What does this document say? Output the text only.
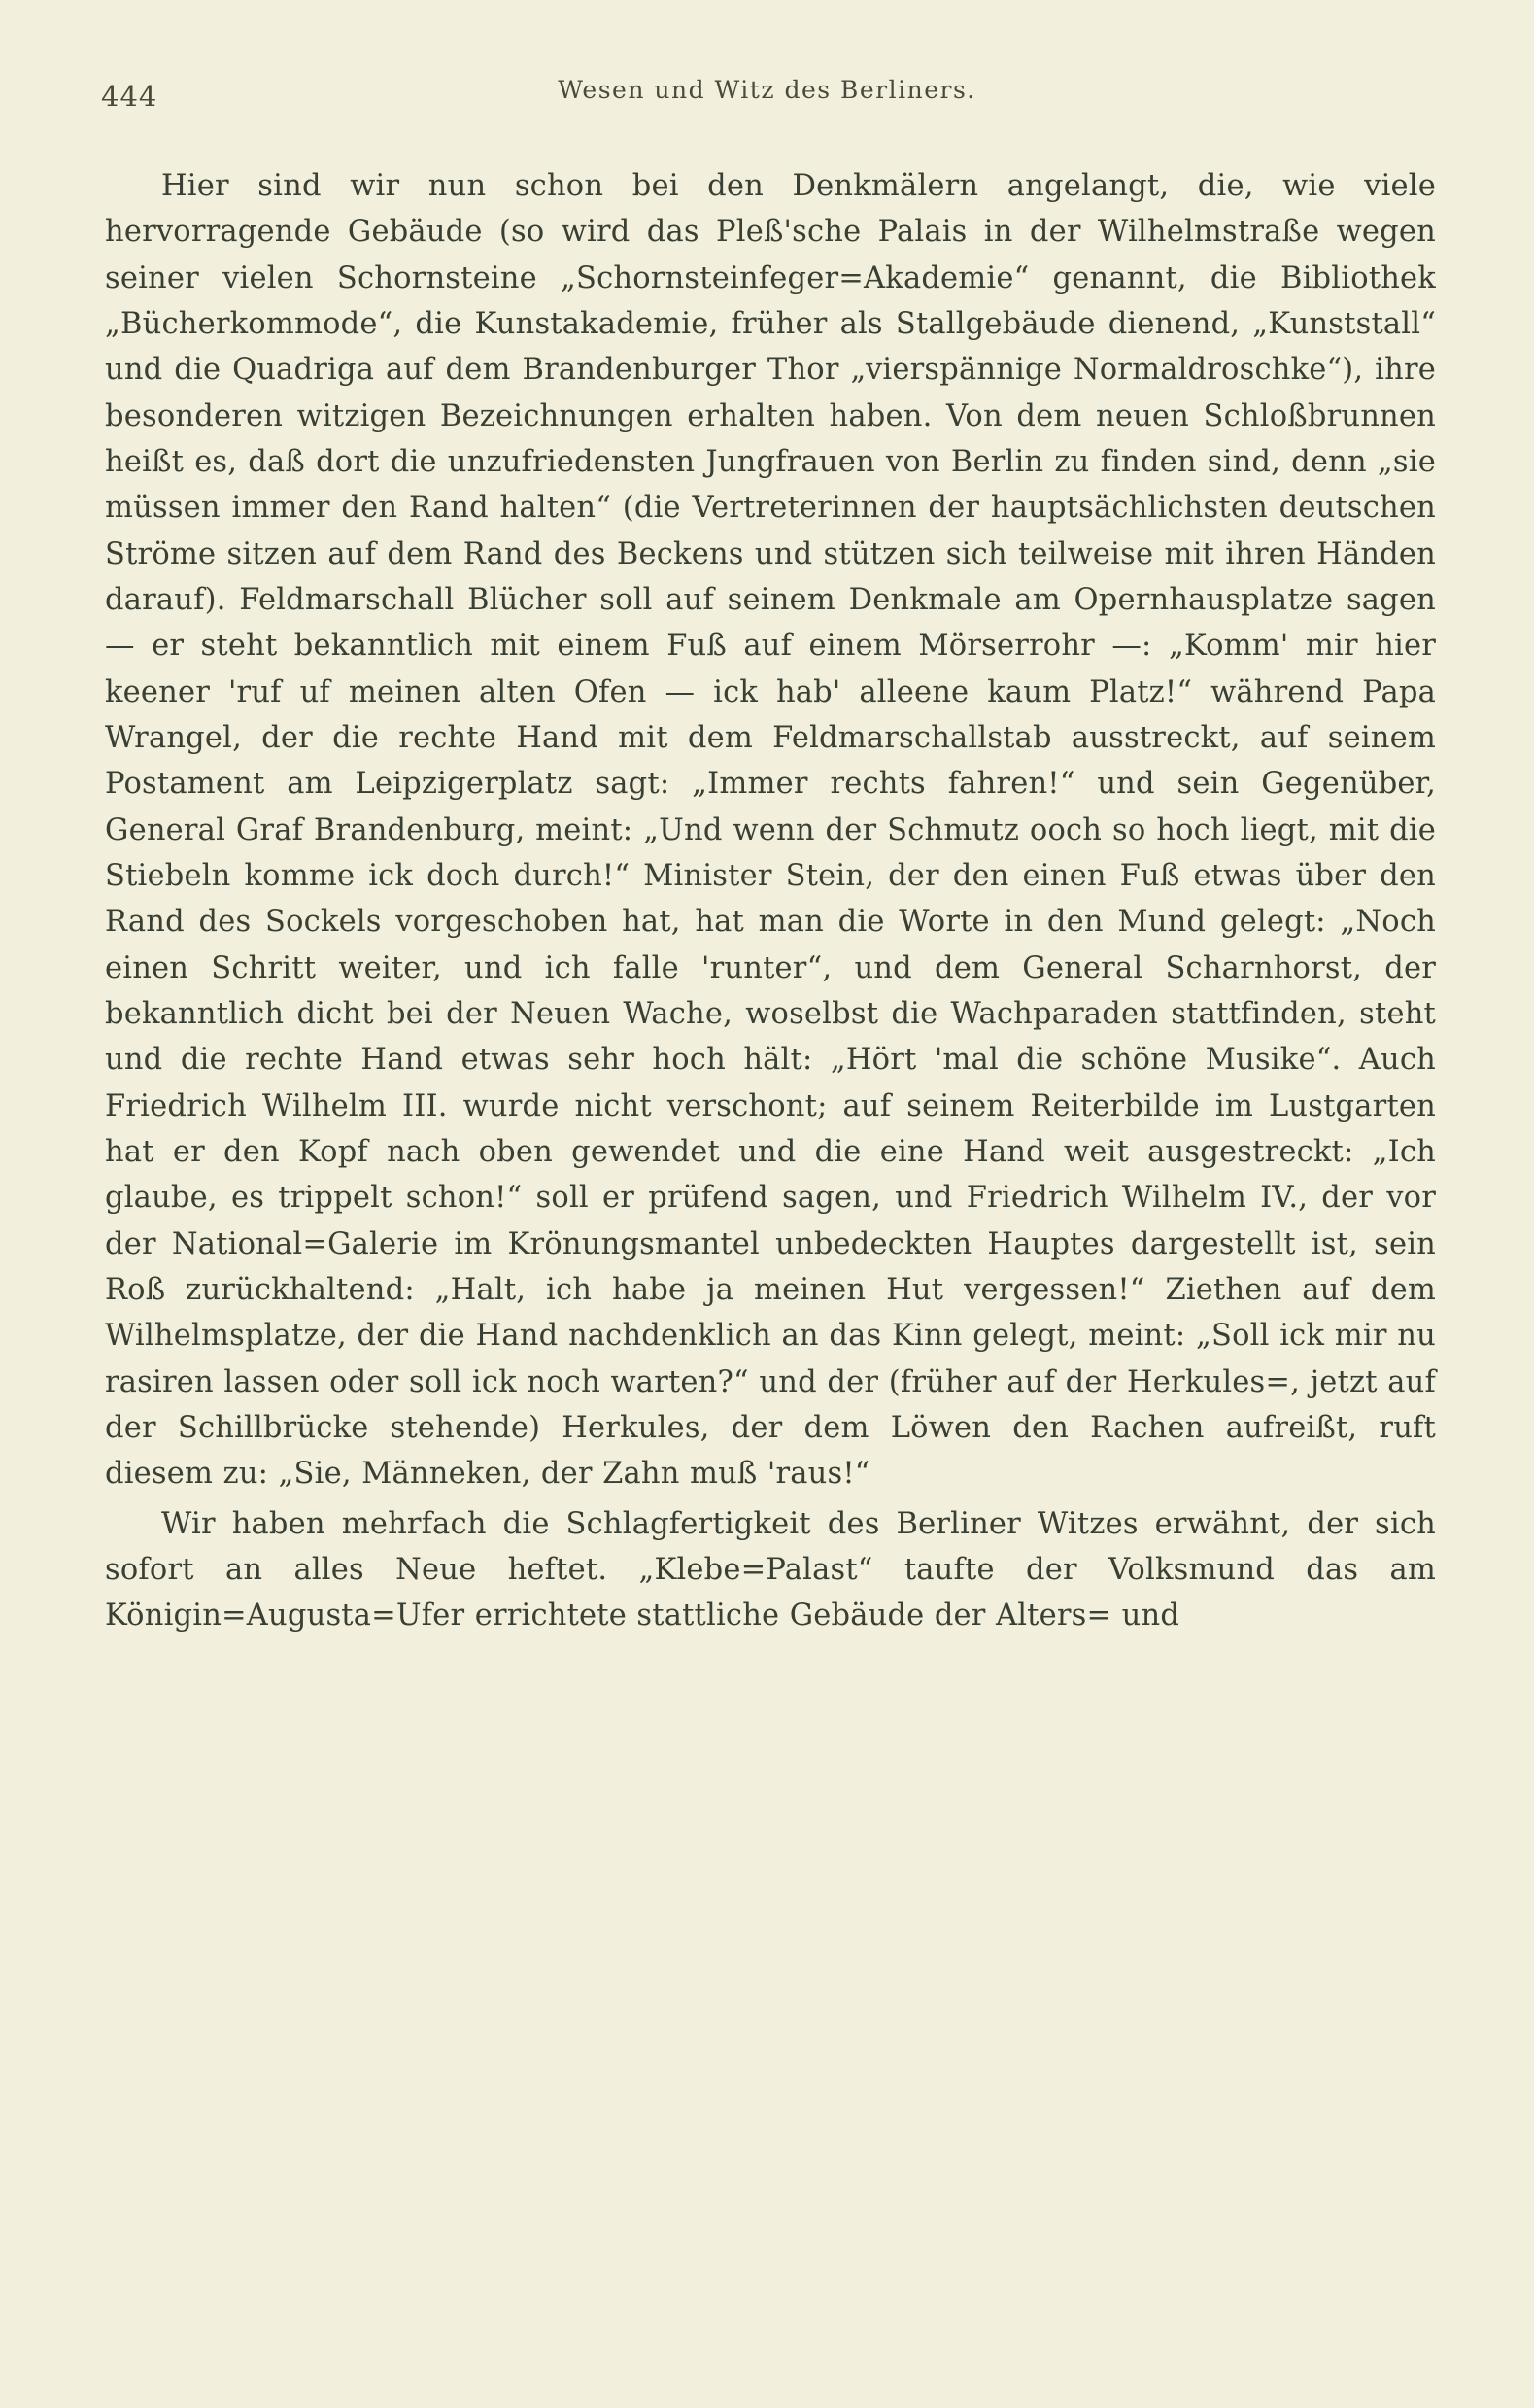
444	Wesen und Witz des Berliners.

Hier sind wir nun schon bei den Denkmälern angelangt, die, wie viele hervorragende Gebäude (so wird das Pleß'sche Palais in der Wilhelmstraße wegen seiner vielen Schornsteine „Schornsteinfeger=Akademie“ genannt, die Bibliothek „Bücherkommode“, die Kunstakademie, früher als Stallgebäude dienend, „Kunststall“ und die Quadriga auf dem Brandenburger Thor „vierspännige Normaldroschke“), ihre besonderen witzigen Bezeichnungen erhalten haben. Von dem neuen Schloßbrunnen heißt es, daß dort die unzufriedensten Jungfrauen von Berlin zu finden sind, denn „sie müssen immer den Rand halten“ (die Vertreterinnen der hauptsächlichsten deutschen Ströme sitzen auf dem Rand des Beckens und stützen sich teilweise mit ihren Händen darauf). Feldmarschall Blücher soll auf seinem Denkmale am Opernhausplatze sagen — er steht bekanntlich mit einem Fuß auf einem Mörserrohr —: „Komm' mir hier keener 'ruf uf meinen alten Ofen — ick hab' alleene kaum Platz!“ während Papa Wrangel, der die rechte Hand mit dem Feldmarschallstab ausstreckt, auf seinem Postament am Leipzigerplatz sagt: „Immer rechts fahren!“ und sein Gegenüber, General Graf Brandenburg, meint: „Und wenn der Schmutz ooch so hoch liegt, mit die Stiebeln komme ick doch durch!“ Minister Stein, der den einen Fuß etwas über den Rand des Sockels vorgeschoben hat, hat man die Worte in den Mund gelegt: „Noch einen Schritt weiter, und ich falle 'runter“, und dem General Scharnhorst, der bekanntlich dicht bei der Neuen Wache, woselbst die Wachparaden stattfinden, steht und die rechte Hand etwas sehr hoch hält: „Hört 'mal die schöne Musike“. Auch Friedrich Wilhelm III. wurde nicht verschont; auf seinem Reiterbilde im Lustgarten hat er den Kopf nach oben gewendet und die eine Hand weit ausgestreckt: „Ich glaube, es trippelt schon!“ soll er prüfend sagen, und Friedrich Wilhelm IV., der vor der National=Galerie im Krönungsmantel unbedeckten Hauptes dargestellt ist, sein Roß zurückhaltend: „Halt, ich habe ja meinen Hut vergessen!“ Ziethen auf dem Wilhelmsplatze, der die Hand nachdenklich an das Kinn gelegt, meint: „Soll ick mir nu rasiren lassen oder soll ick noch warten?“ und der (früher auf der Herkules=, jetzt auf der Schillbrücke stehende) Herkules, der dem Löwen den Rachen aufreißt, ruft diesem zu: „Sie, Männeken, der Zahn muß 'raus!“

Wir haben mehrfach die Schlagfertigkeit des Berliner Witzes erwähnt, der sich sofort an alles Neue heftet. „Klebe=Palast“ taufte der Volksmund das am Königin=Augusta=Ufer errichtete stattliche Gebäude der Alters= und
